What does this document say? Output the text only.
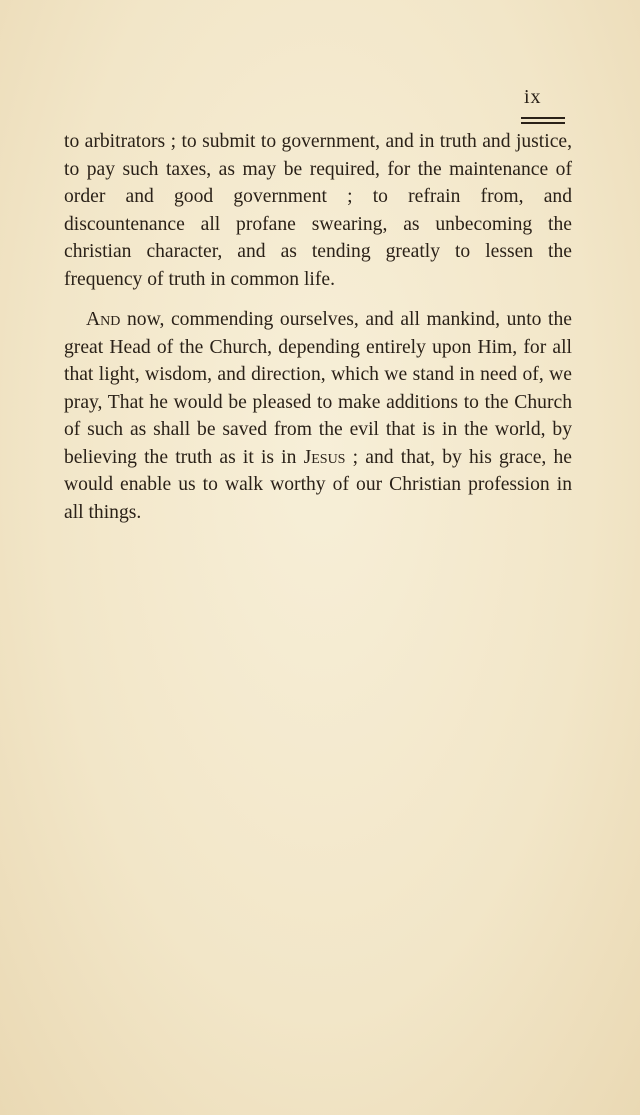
ix

to arbitrators ; to submit to government, and in truth and justice, to pay such taxes, as may be required, for the maintenance of order and good government ; to refrain from, and discountenance all profane swearing, as unbecoming the christian character, and as tending greatly to lessen the frequency of truth in common life.

And now, commending ourselves, and all mankind, unto the great Head of the Church, depending entirely upon Him, for all that light, wisdom, and direction, which we stand in need of, we pray, That he would be pleased to make additions to the Church of such as shall be saved from the evil that is in the world, by believing the truth as it is in Jesus ; and that, by his grace, he would enable us to walk worthy of our Christian profession in all things.
